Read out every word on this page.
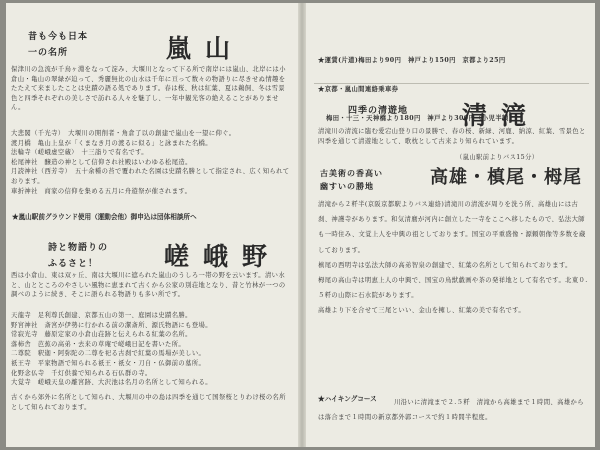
昔も今も日本
一の名所	嵐山
保津川の急流が千鳥ヶ淵をなって淀み、大堰川となって下る所で南岸には嵐山、北岸には小倉山・亀山の翠緑が迫って、秀麗無比の山水は千年に亘って数々の物語りに尽きせぬ情趣をたたえて来ましたことは史蹟の語る処であります。春は桜、秋は紅葉、夏は鵜飼、冬は雪景色と四季それぞれの美しさで訪れる人々を魅了し、一年中観光客の絶えることがありません。
大悲閣（千光寺）　大堰川の開削者・角倉了以の創建で嵐山を一望に仰ぐ。
渡月橋　亀山上皇が「くまなき月の渡るに似る」と詠まれた名橋。
法輪寺（嵯峨虚空蔵）　十三詣りで有名です。
松尾神社　醸造の神として信仰され社殿はいわゆる松尾造。
月読神社（西芳寺）　五十余種の苔で覆われた名園は史蹟名勝として指定され、広く知られております。
車折神社　商家の信仰を集める五月に舟遊祭が催されます。
★嵐山駅前グラウンド使用（運動会他）御申込は団体相談所へ
詩と物語りの
ふるさと！	嵯峨野
西は小倉山、東は双ヶ丘、南は大堰川に遮られた嵐山のうしろ一帯の野を云います。清い水と、山とところのやさしい風物に恵まれて古くから公家の別荘地となり、昔と竹林が一つの調べのように続き、そこに語られる物語りも多い所です。
天龍寺　足利尊氏創建、京都五山の第一、庭園は史蹟名勝。
野宮神社　斎宮が伊勢に行かれる前の潔斎所、源氏物語にも登場。
常寂光寺　藤原定家の小倉山荘跡と伝えられる紅葉の名所。
落柿舎　芭蕉の高弟・去来の草庵で嵯峨日記を書いた所。
二尊院　釈迦・阿弥陀の二尊を祀る古刹で紅葉の馬場が美しい。
祇王寺　平家物語で知られる祇王・祇女・刀自・仏御前の墓所。
化野念仏寺　千灯供養で知られる石仏群の寺。
大覚寺　嵯峨天皇の離宮跡、大沢池は名月の名所として知られる。
古くから郊外に名所として知られ、大堰川の中の島は四季を通じて国祭桜とりわけ桜の名所として知られております。

★運賃(片道)梅田より90円　神戸より150円　京都より25円

★京都・嵐山間連絡乗車券

梅田・十三・天神橋より180円　神戸より300円（小児半額）

四季の清遊地 清滝
清滝川の清流に臨む愛宕山登り口の景勝で、春の桜、新緑、河鹿、納涼、紅葉、雪景色と四季を通じて清遊地として、歌枕として古来より知られています。
（嵐山駅前よりバス15分）
古美術の香高い
幽すいの勝地	高雄・槙尾・栂尾
清滝から２粁半(京阪京都駅よりバス連絡)清滝川の清流が周りを洗う所、高雄山には古刹、神護寺があります。和気清麿が河内に創立した一寺をここへ移したもので、弘法大師も一時住み、文覚上人を中興の祖としております。国宝の平重盛像・源頼朝像等多数を蔵しております。
槙尾の西明寺は弘法大師の高弟智泉の創建で、紅葉の名所として知られております。
栂尾の高山寺は明恵上人の中興で、国宝の鳥獣戯画や茶の発祥地として有名です。北東０.５粁の山際に石水院があります。
高雄より下を合せて三尾といい、金山を擁し、紅葉の美で有名です。
★ハイキングコース	川沿いに清滝まで２.５粁　清滝から高雄まで１時間、高雄からは落合まで１時間の新京都外郭コースで約１時間半程度。
